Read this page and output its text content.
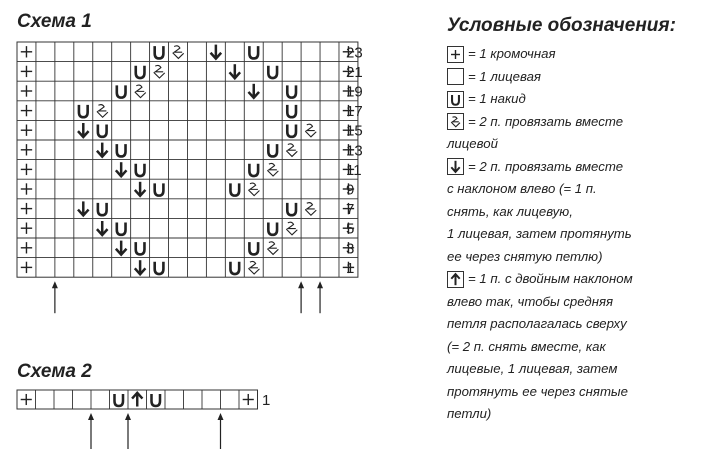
Схема 1
23
21
19
17
15
13
11
9
7
5
3
1
Схема 2
1
Условные обозначения:
= 1 кромочная
= 1 лицевая
= 1 накид
= 2 п. провязать вместе
лицевой
= 2 п. провязать вместе
с наклоном влево (= 1 п.
снять, как лицевую,
1 лицевая, затем протянуть
ее через снятую петлю)
= 1 п. с двойным наклоном
влево так, чтобы средняя
петля располагалась сверху
(= 2 п. снять вместе, как
лицевые, 1 лицевая, затем
протянуть ее через снятые
петли)
